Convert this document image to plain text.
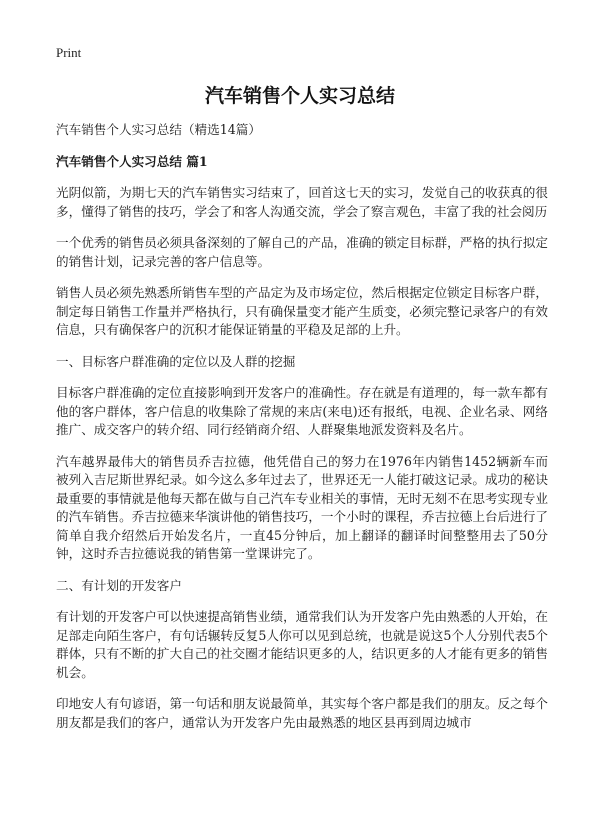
Print
汽车销售个人实习总结

汽车销售个人实习总结（精选14篇）

汽车销售个人实习总结 篇1

光阴似箭，为期七天的汽车销售实习结束了，回首这七天的实习，发觉自己的收获真的很多，懂得了销售的技巧，学会了和客人沟通交流，学会了察言观色，丰富了我的社会阅历

一个优秀的销售员必须具备深刻的了解自己的产品，准确的锁定目标群，严格的执行拟定的销售计划，记录完善的客户信息等。

销售人员必须先熟悉所销售车型的产品定为及市场定位，然后根据定位锁定目标客户群，制定每日销售工作量并严格执行，只有确保量变才能产生质变，必须完整记录客户的有效信息，只有确保客户的沉积才能保证销量的平稳及足部的上升。

一、目标客户群准确的定位以及人群的挖掘

目标客户群准确的定位直接影响到开发客户的准确性。存在就是有道理的，每一款车都有他的客户群体，客户信息的收集除了常规的来店(来电)还有报纸，电视、企业名录、网络推广、成交客户的转介绍、同行经销商介绍、人群聚集地派发资料及名片。

汽车越界最伟大的销售员乔吉拉德，他凭借自己的努力在1976年内销售1452辆新车而被列入吉尼斯世界纪录。如今这么多年过去了，世界还无一人能打破这记录。成功的秘诀最重要的事情就是他每天都在做与自己汽车专业相关的事情，无时无刻不在思考实现专业的汽车销售。乔吉拉德来华演讲他的销售技巧，一个小时的课程，乔吉拉德上台后进行了简单自我介绍然后开始发名片，一直45分钟后，加上翻译的翻译时间整整用去了50分钟，这时乔吉拉德说我的销售第一堂课讲完了。

二、有计划的开发客户

有计划的开发客户可以快速提高销售业绩，通常我们认为开发客户先由熟悉的人开始，在足部走向陌生客户，有句话辗转反复5人你可以见到总统，也就是说这5个人分别代表5个群体，只有不断的扩大自己的社交圈才能结识更多的人，结识更多的人才能有更多的销售机会。

印地安人有句谚语，第一句话和朋友说最简单，其实每个客户都是我们的朋友。反之每个朋友都是我们的客户，通常认为开发客户先由最熟悉的地区县再到周边城市
